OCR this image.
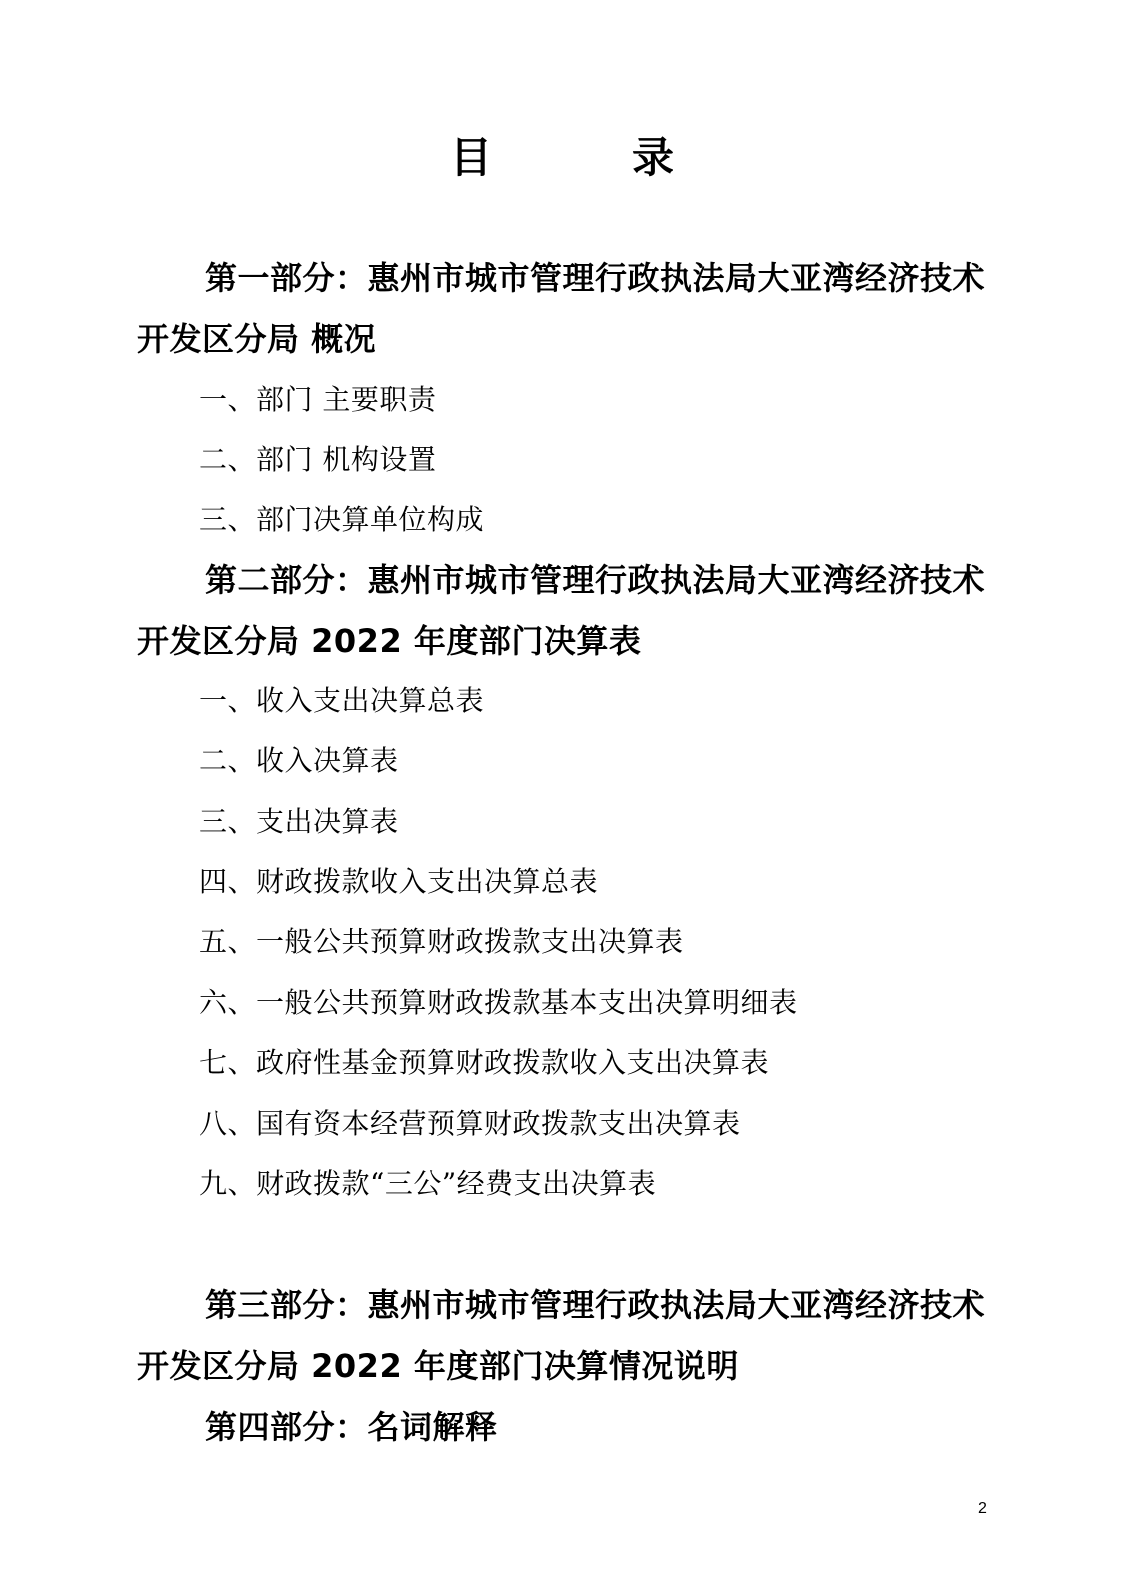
目	录
第一部分：惠州市城市管理行政执法局大亚湾经济技术开发区分局 概况
一、部门 主要职责
二、部门 机构设置
三、部门决算单位构成
第二部分：惠州市城市管理行政执法局大亚湾经济技术开发区分局 2022 年度部门决算表
一、收入支出决算总表
二、收入决算表
三、支出决算表
四、财政拨款收入支出决算总表
五、一般公共预算财政拨款支出决算表
六、一般公共预算财政拨款基本支出决算明细表
七、政府性基金预算财政拨款收入支出决算表
八、国有资本经营预算财政拨款支出决算表
九、财政拨款“三公”经费支出决算表
第三部分：惠州市城市管理行政执法局大亚湾经济技术开发区分局 2022 年度部门决算情况说明
第四部分：名词解释
2
